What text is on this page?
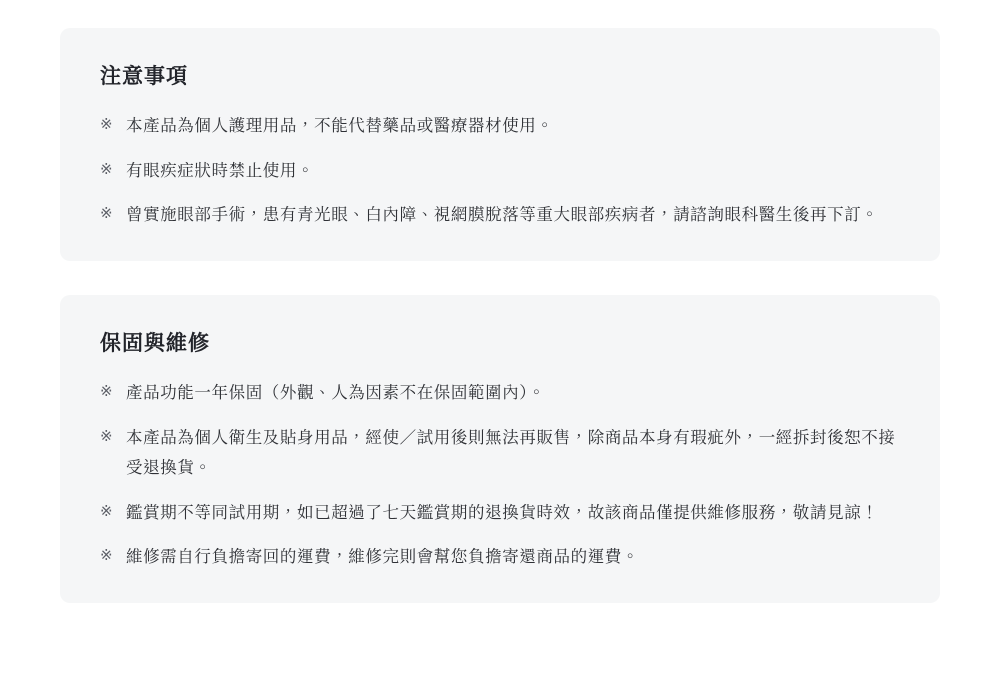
注意事項
※ 本產品為個人護理用品，不能代替藥品或醫療器材使用。
※ 有眼疾症狀時禁止使用。
※ 曾實施眼部手術，患有青光眼、白內障、視網膜脫落等重大眼部疾病者，請諮詢眼科醫生後再下訂。
保固與維修
※ 產品功能一年保固（外觀、人為因素不在保固範圍內）。
※ 本產品為個人衛生及貼身用品，經使／試用後則無法再販售，除商品本身有瑕疵外，一經拆封後恕不接受退換貨。
※ 鑑賞期不等同試用期，如已超過了七天鑑賞期的退換貨時效，故該商品僅提供維修服務，敬請見諒！
※ 維修需自行負擔寄回的運費，維修完則會幫您負擔寄還商品的運費。
